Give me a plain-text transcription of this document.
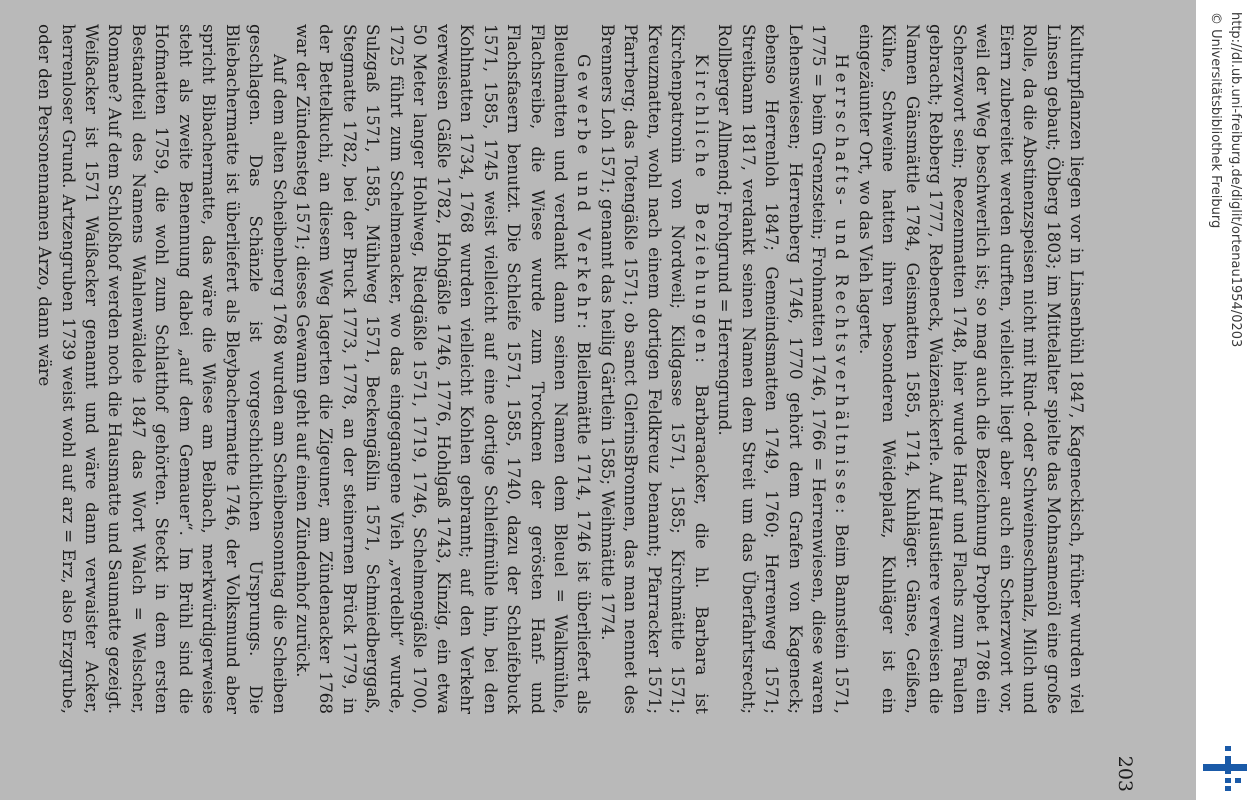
203

Kulturpflanzen liegen vor in Linsenbühl 1847, Kageneckisch, früher wurden viel Linsen gebaut; Ölberg 1803; im Mittelalter spielte das Mohnsamenöl eine große Rolle, da die Abstinenzspeisen nicht mit Rind- oder Schweineschmalz, Milch und Eiern zubereitet werden durften, vielleicht liegt aber auch ein Scherzwort vor, weil der Weg beschwerlich ist; so mag auch die Bezeichnung Prophet 1786 ein Scherzwort sein; Reezenmatten 1748, hier wurde Hanf und Flachs zum Faulen gebracht; Rebberg 1777, Rebeneck, Waizenäckerle. Auf Haustiere verweisen die Namen Gänsmättle 1784, Geismatten 1585, 1714, Kuhläger. Gänse, Geißen, Kühe, Schweine hatten ihren besonderen Weideplatz, Kuhläger ist ein eingezäunter Ort, wo das Vieh lagerte.

Herrschafts- und Rechtsverhältnisse: Beim Bannstein 1571, 1775 = beim Grenzstein; Frohmatten 1746, 1766 = Herrenwiesen, diese waren Lehenswiesen; Herrenberg 1746, 1770 gehört dem Grafen von Kageneck; ebenso Herrenloh 1847; Gemeindsmatten 1749, 1760; Herrenweg 1571; Streitbann 1817, verdankt seinen Namen dem Streit um das Überfahrtsrecht; Rollberger Allmend; Frohgrund = Herrengrund.

Kirchliche Beziehungen: Barbaraacker, die hl. Barbara ist Kirchenpatronin von Nordweil; Kildgasse 1571, 1585; Kirchmättle 1571; Kreuzmatten, wohl nach einem dortigen Feldkreuz benannt; Pfarracker 1571; Pfarrberg; das Totengäßle 1571; ob sanct GlerinsBronnen, das man nennet des Brenners Loh 1571; genannt das heilig Gärtlein 1585; Weihmättle 1774.

Gewerbe und Verkehr: Bleilemättle 1714, 1746 ist überliefert als Bleuelmatten und verdankt dann seinen Namen dem Bleuel = Walkmühle, Flachsreibe, die Wiese wurde zum Trocknen der gerösten Hanf- und Flachsfasern benutzt. Die Schleife 1571, 1585, 1740, dazu der Schleifebuck 1571, 1585, 1745 weist vielleicht auf eine dortige Schleifmühle hin, bei den Kohlmatten 1734, 1768 wurden vielleicht Kohlen gebrannt; auf den Verkehr verweisen Gäßle 1782, Hohgäßle 1746, 1776, Hohlgaß 1743, Kinzig, ein etwa 50 Meter langer Hohlweg, Riedgäßle 1571, 1719, 1746, Schelmengäßle 1700, 1725 führt zum Schelmenacker, wo das eingegangene Vieh „verdelbt“ wurde, Sulzgaß 1571, 1585, Mühlweg 1571, Beckengäßlin 1571, Schmiedberggaß, Stegmatte 1782, bei der Bruck 1773, 1778, an der steinernen Brück 1779, in der Bettelkuchi, an diesem Weg lagerten die Zigeuner, am Zündenacker 1768 war der Zündensteg 1571; dieses Gewann geht auf einen Zündenhof zurück.

Auf dem alten Scheibenberg 1768 wurden am Scheibensonntag die Scheiben geschlagen. Das Schänzle ist vorgeschichtlichen Ursprungs. Die Bliebachermatte ist überliefert als Bleybachermatte 1746, der Volksmund aber spricht Bibachermatte, das wäre die Wiese am Beibach, merkwürdigerweise steht als zweite Benennung dabei „auf dem Gemauer“. Im Brühl sind die Hofmatten 1759, die wohl zum Schlatthof gehörten. Steckt in dem ersten Bestandteil des Namens Wahlenwäldele 1847 das Wort Walch = Welscher, Romane? Auf dem Schloßhof werden noch die Hausmatte und Saumatte gezeigt. Weißacker ist 1571 Waißacker genannt und wäre dann verwaister Acker, herrenloser Grund. Artzengruben 1739 weist wohl auf arz = Erz, also Erzgrube, oder den Personennamen Arzo, dann wäre	http://dl.ub.uni-freiburg.de/diglit/ortenau1954/0203
© Universitätsbibliothek Freiburg
